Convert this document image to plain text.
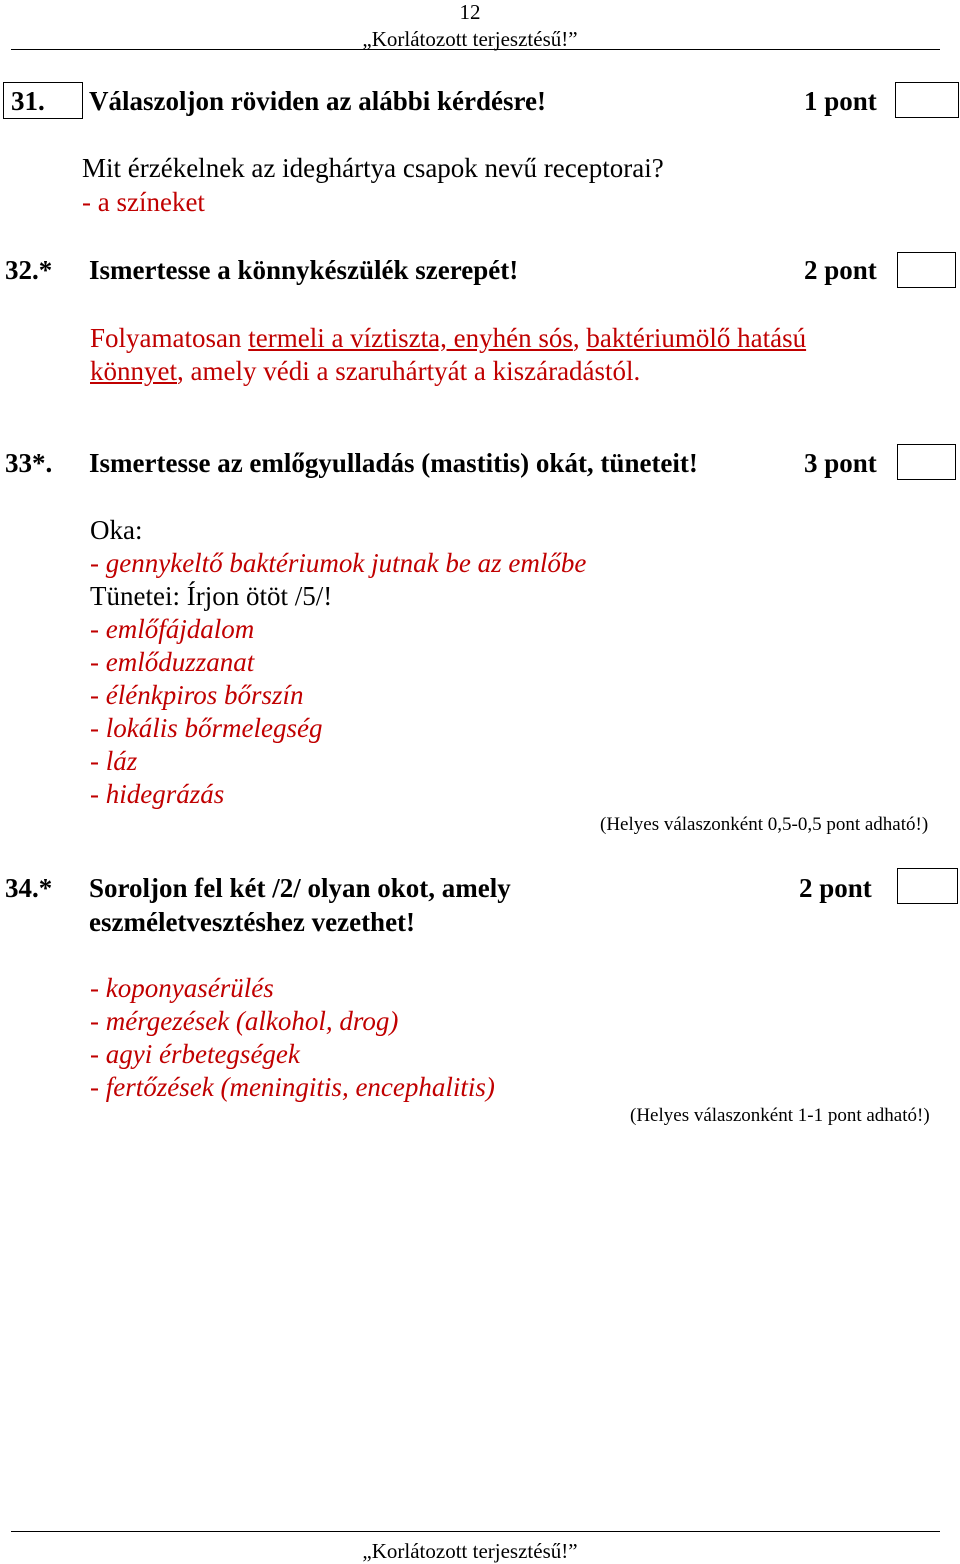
12
„Korlátozott terjesztésű!”
31. Válaszoljon röviden az alábbi kérdésre!	1 pont
Mit érzékelnek az ideghártya csapok nevű receptorai?
- a színeket
32.* Ismertesse a könnykészülék szerepét!	2 pont
Folyamatosan termeli a víztiszta, enyhén sós, baktériumölő hatású
könnyet, amely védi a szaruhártyát a kiszáradástól.
33*. Ismertesse az emlőgyulladás (mastitis) okát, tüneteit!	3 pont
Oka:
- gennykeltő baktériumok jutnak be az emlőbe
Tünetei: Írjon ötöt /5/!
- emlőfájdalom
- emlőduzzanat
- élénkpiros bőrszín
- lokális bőrmelegség
- láz
- hidegrázás
(Helyes válaszonként 0,5-0,5 pont adható!)
34.* Soroljon fel két /2/ olyan okot, amely
eszméletvesztéshez vezethet!
2 pont
- koponyasérülés
- mérgezések (alkohol, drog)
- agyi érbetegségek
- fertőzések (meningitis, encephalitis)
(Helyes válaszonként 1-1 pont adható!)
„Korlátozott terjesztésű!”
